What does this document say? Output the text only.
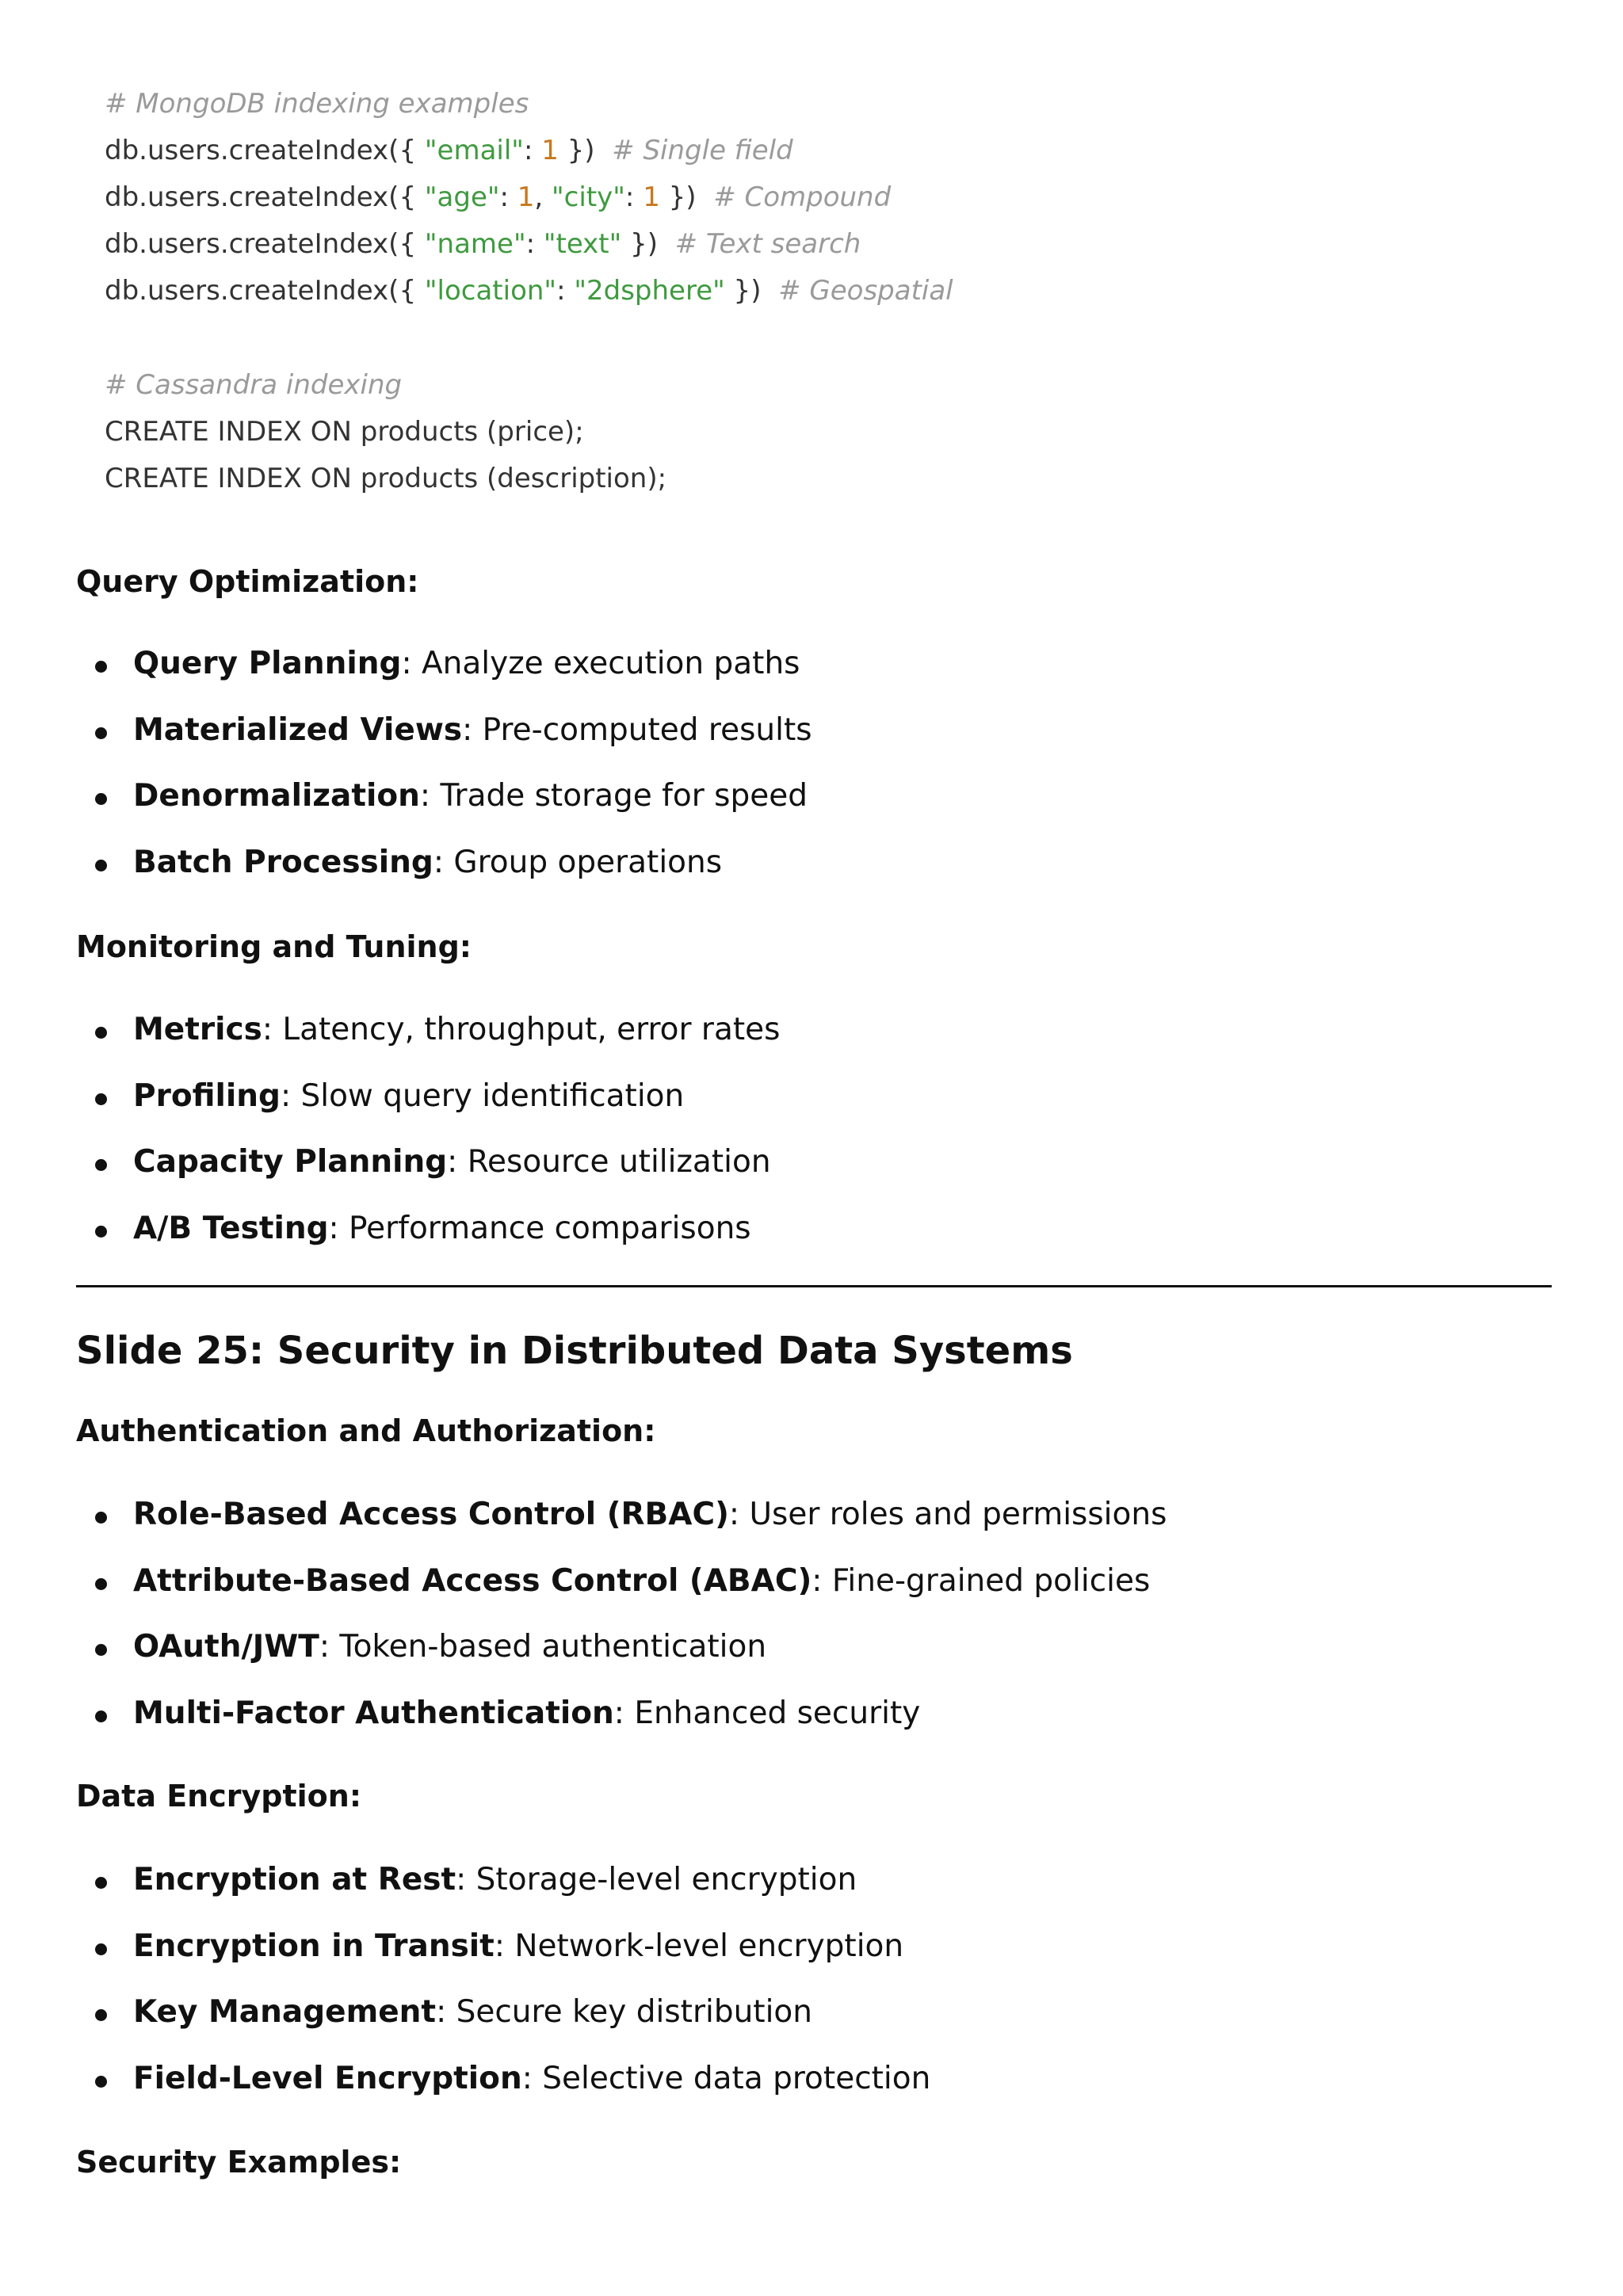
# MongoDB indexing examples
db.users.createIndex({ "email": 1 })  # Single field
db.users.createIndex({ "age": 1, "city": 1 })  # Compound
db.users.createIndex({ "name": "text" })  # Text search
db.users.createIndex({ "location": "2dsphere" })  # Geospatial
# Cassandra indexing
CREATE INDEX ON products (price);
CREATE INDEX ON products (description);
Query Optimization:
Query Planning: Analyze execution paths
Materialized Views: Pre-computed results
Denormalization: Trade storage for speed
Batch Processing: Group operations
Monitoring and Tuning:
Metrics: Latency, throughput, error rates
Profiling: Slow query identification
Capacity Planning: Resource utilization
A/B Testing: Performance comparisons
Slide 25: Security in Distributed Data Systems
Authentication and Authorization:
Role-Based Access Control (RBAC): User roles and permissions
Attribute-Based Access Control (ABAC): Fine-grained policies
OAuth/JWT: Token-based authentication
Multi-Factor Authentication: Enhanced security
Data Encryption:
Encryption at Rest: Storage-level encryption
Encryption in Transit: Network-level encryption
Key Management: Secure key distribution
Field-Level Encryption: Selective data protection
Security Examples:
